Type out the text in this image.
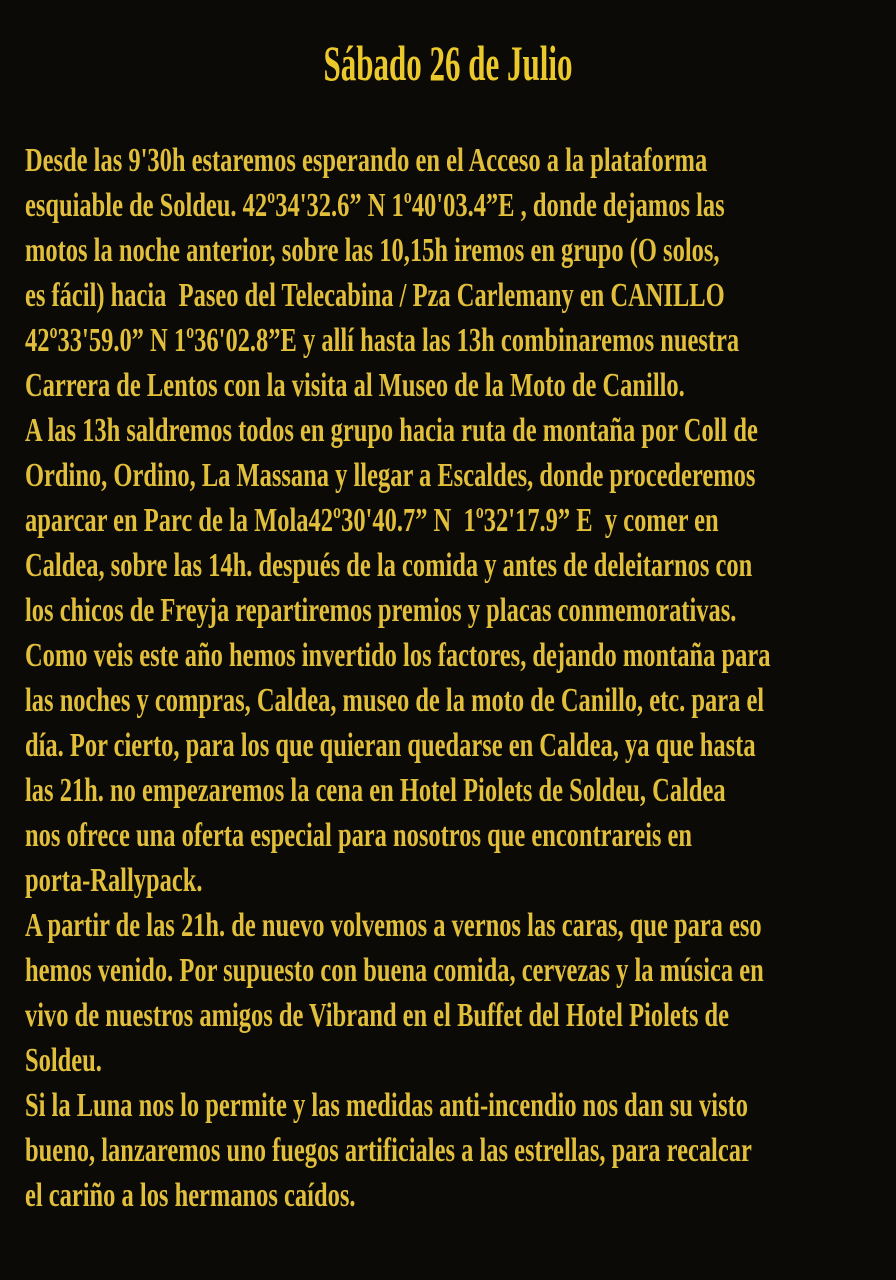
Sábado 26 de Julio
Desde las 9'30h estaremos esperando en el Acceso a la plataforma
esquiable de Soldeu. 42º34'32.6” N 1º40'03.4”E , donde dejamos las
motos la noche anterior, sobre las 10,15h iremos en grupo (O solos,
es fácil) hacia  Paseo del Telecabina / Pza Carlemany en CANILLO
42º33'59.0” N 1º36'02.8”E y allí hasta las 13h combinaremos nuestra
Carrera de Lentos con la visita al Museo de la Moto de Canillo.
A las 13h saldremos todos en grupo hacia ruta de montaña por Coll de
Ordino, Ordino, La Massana y llegar a Escaldes, donde procederemos
aparcar en Parc de la Mola42º30'40.7” N  1º32'17.9” E  y comer en
Caldea, sobre las 14h. después de la comida y antes de deleitarnos con
los chicos de Freyja repartiremos premios y placas conmemorativas.
Como veis este año hemos invertido los factores, dejando montaña para
las noches y compras, Caldea, museo de la moto de Canillo, etc. para el
día. Por cierto, para los que quieran quedarse en Caldea, ya que hasta
las 21h. no empezaremos la cena en Hotel Piolets de Soldeu, Caldea
nos ofrece una oferta especial para nosotros que encontrareis en
porta-Rallypack.
A partir de las 21h. de nuevo volvemos a vernos las caras, que para eso
hemos venido. Por supuesto con buena comida, cervezas y la música en
vivo de nuestros amigos de Vibrand en el Buffet del Hotel Piolets de
Soldeu.
Si la Luna nos lo permite y las medidas anti-incendio nos dan su visto
bueno, lanzaremos uno fuegos artificiales a las estrellas, para recalcar
el cariño a los hermanos caídos.
